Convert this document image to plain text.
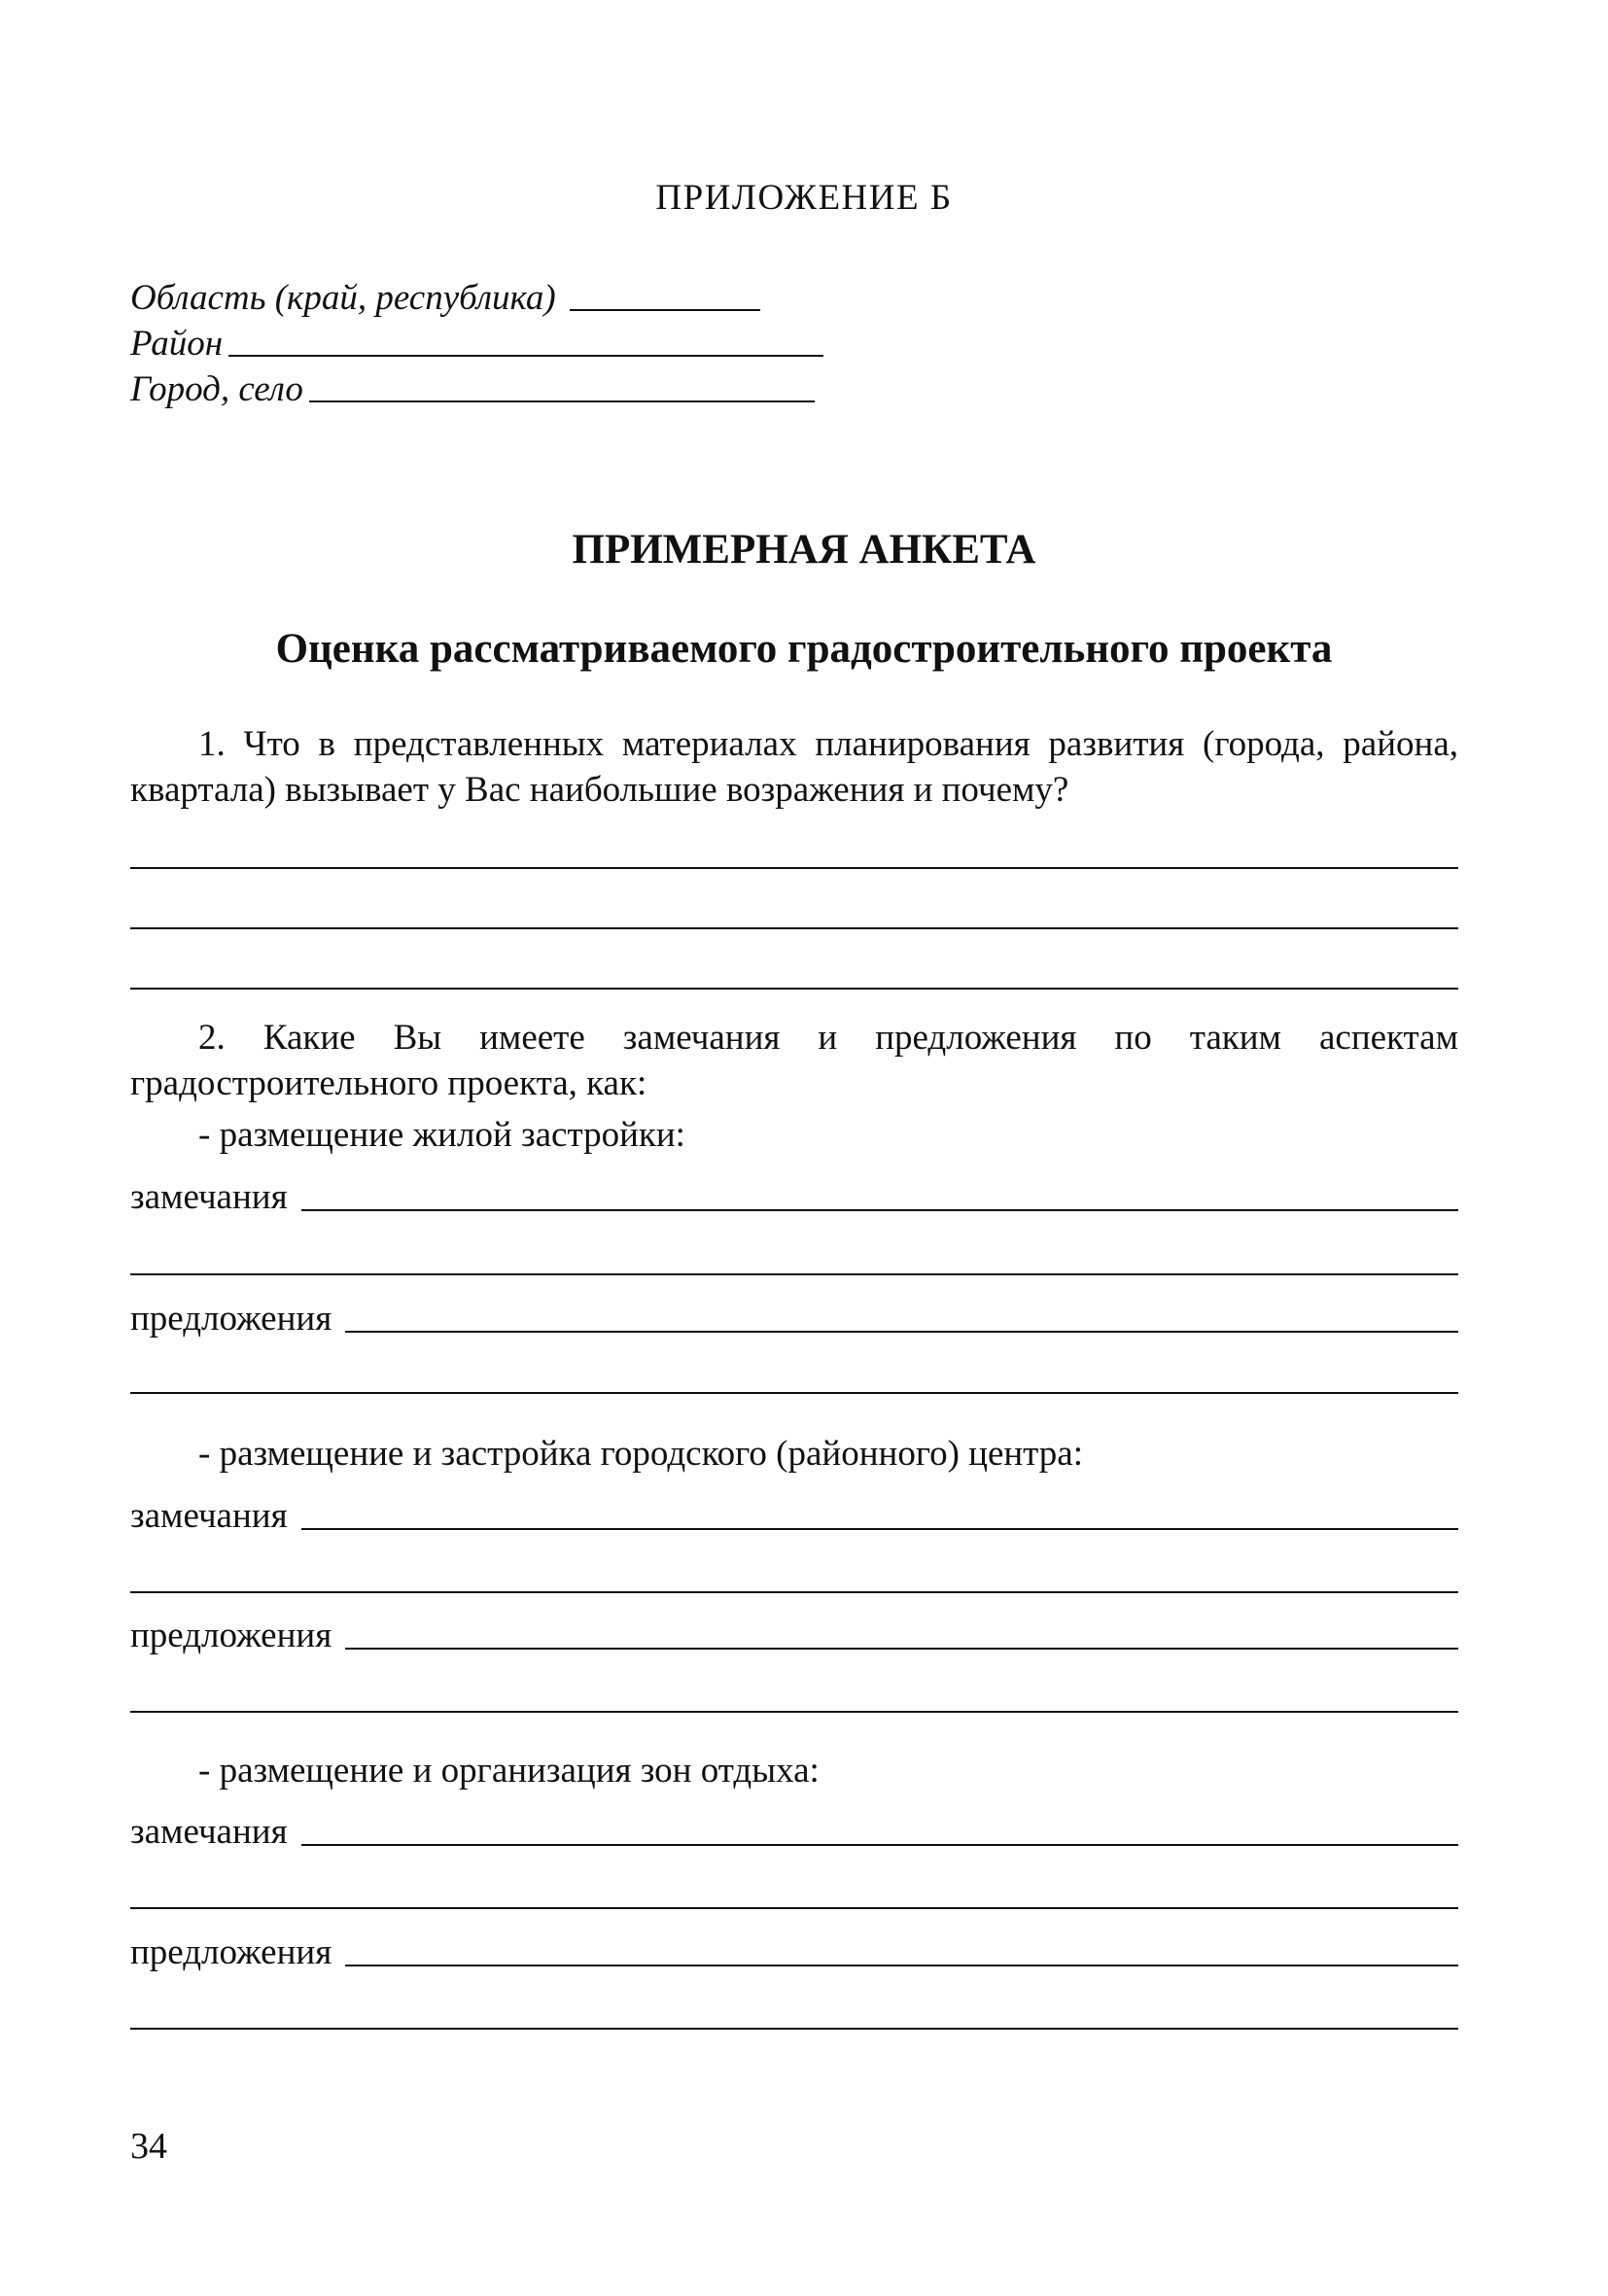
ПРИЛОЖЕНИЕ Б
Область (край, республика)
Район
Город, село
ПРИМЕРНАЯ АНКЕТА
Оценка рассматриваемого градостроительного проекта
1. Что в представленных материалах планирования развития (города, района, квартала) вызывает у Вас наибольшие возражения и почему?
2. Какие Вы имеете замечания и предложения по таким аспектам градостроительного проекта, как:
- размещение жилой застройки:
замечания
предложения
- размещение и застройка городского (районного) центра:
замечания
предложения
- размещение и организация зон отдыха:
замечания
предложения
34
